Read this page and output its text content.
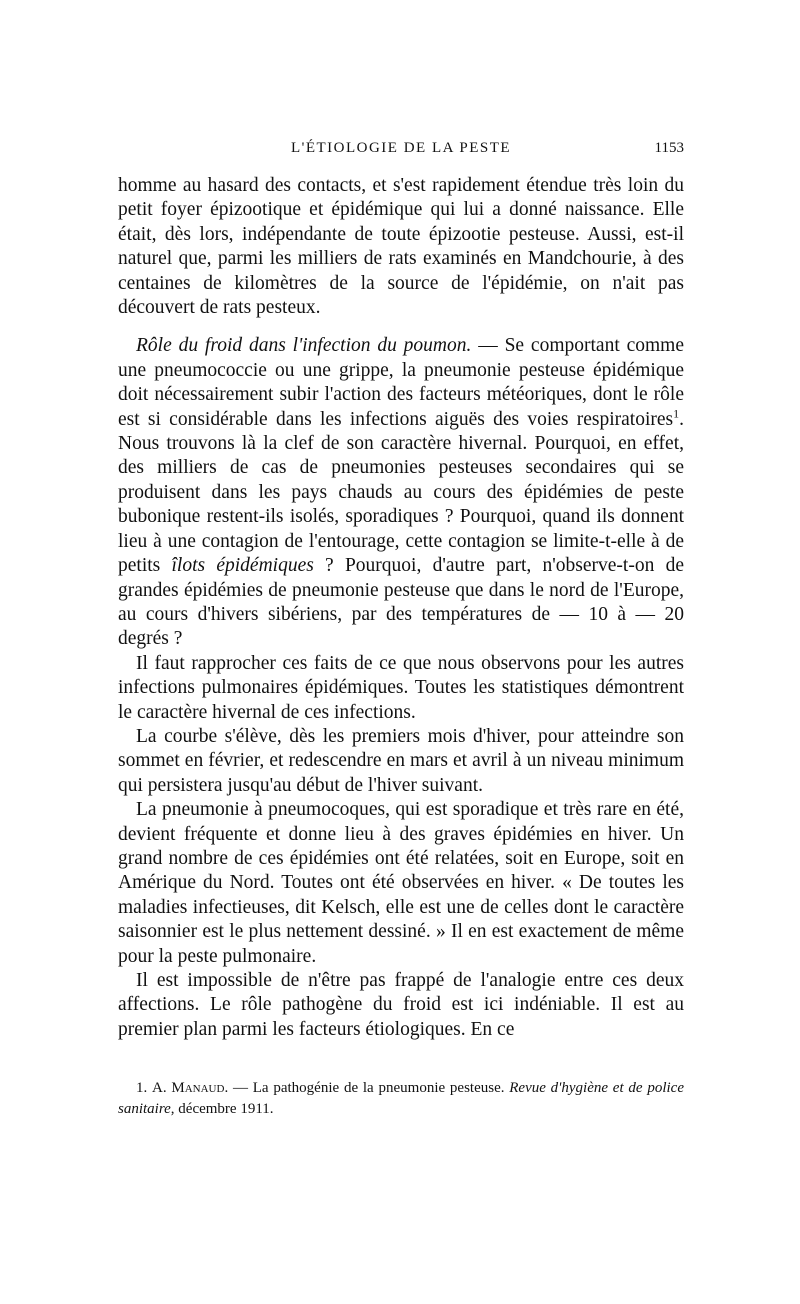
L'ÉTIOLOGIE DE LA PESTE	1153

homme au hasard des contacts, et s'est rapidement étendue très loin du petit foyer épizootique et épidémique qui lui a donné naissance. Elle était, dès lors, indépendante de toute épizootie pesteuse. Aussi, est-il naturel que, parmi les milliers de rats examinés en Mandchourie, à des centaines de kilomètres de la source de l'épidémie, on n'ait pas découvert de rats pesteux.

Rôle du froid dans l'infection du poumon. — Se comportant comme une pneumococcie ou une grippe, la pneumonie pesteuse épidémique doit nécessairement subir l'action des facteurs météoriques, dont le rôle est si considérable dans les infections aiguës des voies respiratoires$^1$. Nous trouvons là la clef de son caractère hivernal. Pourquoi, en effet, des milliers de cas de pneumonies pesteuses secondaires qui se produisent dans les pays chauds au cours des épidémies de peste bubonique restent-ils isolés, sporadiques ? Pourquoi, quand ils donnent lieu à une contagion de l'entourage, cette contagion se limite-t-elle à de petits îlots épidémiques ? Pourquoi, d'autre part, n'observe-t-on de grandes épidémies de pneumonie pesteuse que dans le nord de l'Europe, au cours d'hivers sibériens, par des températures de — 10 à — 20 degrés ?

Il faut rapprocher ces faits de ce que nous observons pour les autres infections pulmonaires épidémiques. Toutes les statistiques démontrent le caractère hivernal de ces infections.

La courbe s'élève, dès les premiers mois d'hiver, pour atteindre son sommet en février, et redescendre en mars et avril à un niveau minimum qui persistera jusqu'au début de l'hiver suivant.

La pneumonie à pneumocoques, qui est sporadique et très rare en été, devient fréquente et donne lieu à des graves épidémies en hiver. Un grand nombre de ces épidémies ont été relatées, soit en Europe, soit en Amérique du Nord. Toutes ont été observées en hiver. « De toutes les maladies infectieuses, dit Kelsch, elle est une de celles dont le caractère saisonnier est le plus nettement dessiné. » Il en est exactement de même pour la peste pulmonaire.

Il est impossible de n'être pas frappé de l'analogie entre ces deux affections. Le rôle pathogène du froid est ici indéniable. Il est au premier plan parmi les facteurs étiologiques. En ce

1. A. Manaud. — La pathogénie de la pneumonie pesteuse. Revue d'hygiène et de police sanitaire, décembre 1911.
